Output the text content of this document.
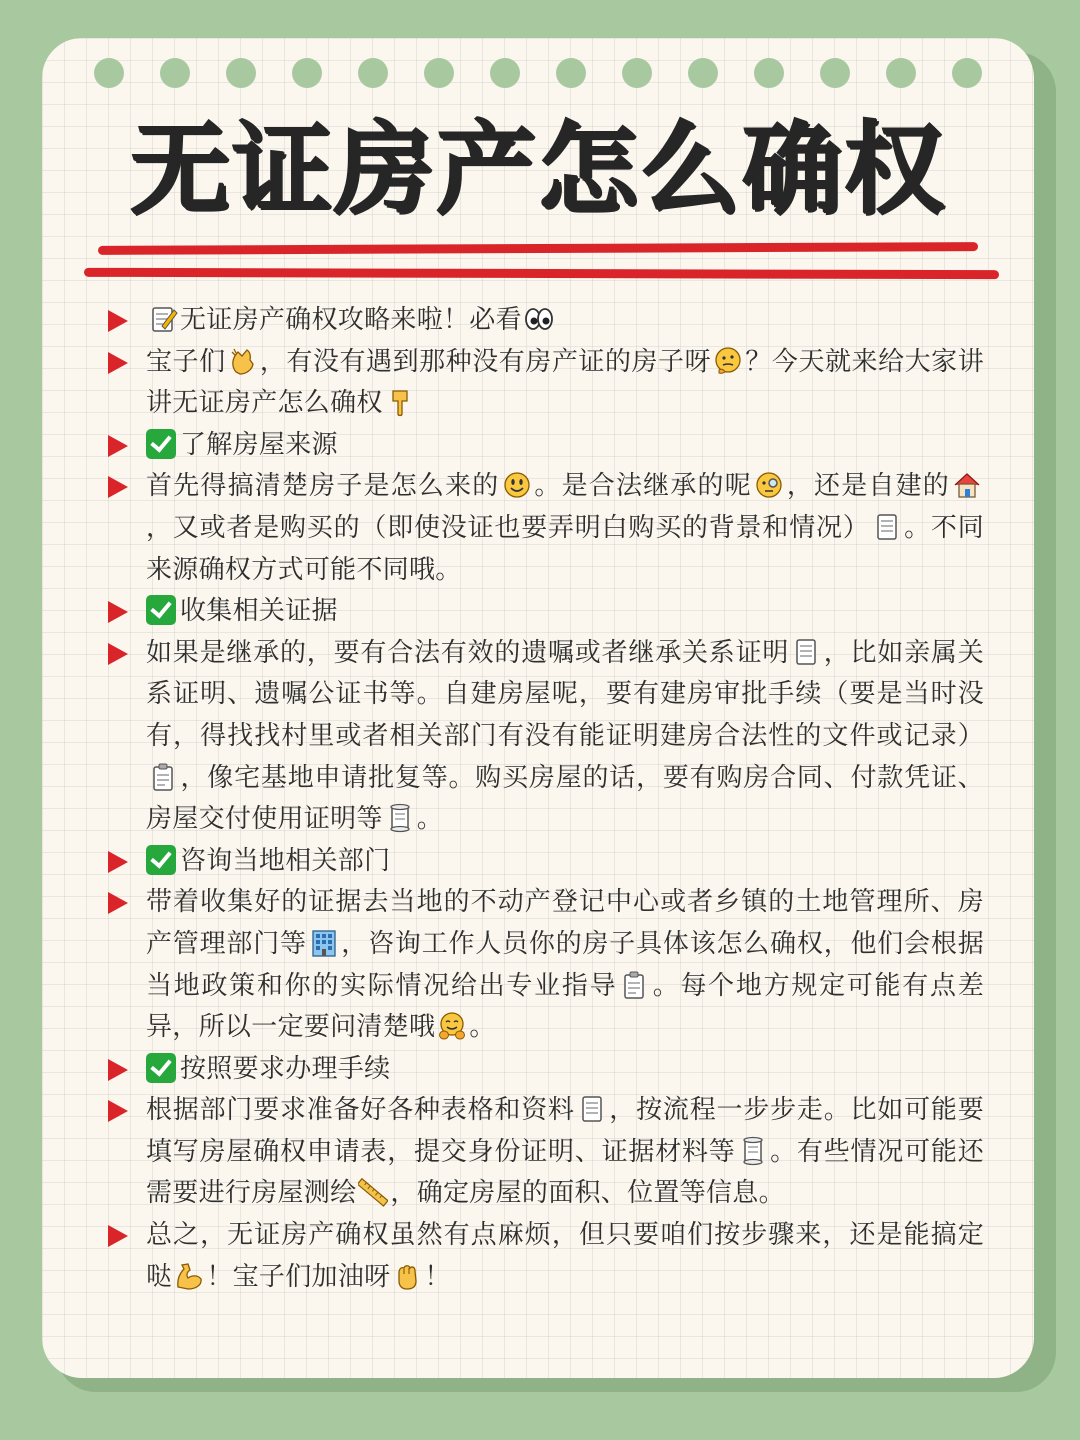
无证房产怎么确权
无证房产确权攻略来啦！必看
宝子们 ，有没有遇到那种没有房产证的房子呀 ？今天就来给大家讲讲无证房产怎么确权
了解房屋来源
首先得搞清楚房子是怎么来的 。是合法继承的呢 ，还是自建的
，又或者是购买的（即使没证也要弄明白购买的背景和情况） 。不同来源确权方式可能不同哦。
收集相关证据
如果是继承的，要有合法有效的遗嘱或者继承关系证明 ，比如亲属关系证明、遗嘱公证书等。自建房屋呢，要有建房审批手续（要是当时没有，得找找村里或者相关部门有没有能证明建房合法性的文件或记录）
，像宅基地申请批复等。购买房屋的话，要有购房合同、付款凭证、房屋交付使用证明等 。
咨询当地相关部门
带着收集好的证据去当地的不动产登记中心或者乡镇的土地管理所、房产管理部门等 ，咨询工作人员你的房子具体该怎么确权，他们会根据当地政策和你的实际情况给出专业指导 。每个地方规定可能有点差异，所以一定要问清楚哦 。
按照要求办理手续
根据部门要求准备好各种表格和资料 ，按流程一步步走。比如可能要填写房屋确权申请表，提交身份证明、证据材料等 。有些情况可能还需要进行房屋测绘 ，确定房屋的面积、位置等信息。
总之，无证房产确权虽然有点麻烦，但只要咱们按步骤来，还是能搞定哒 ！宝子们加油呀 ！
